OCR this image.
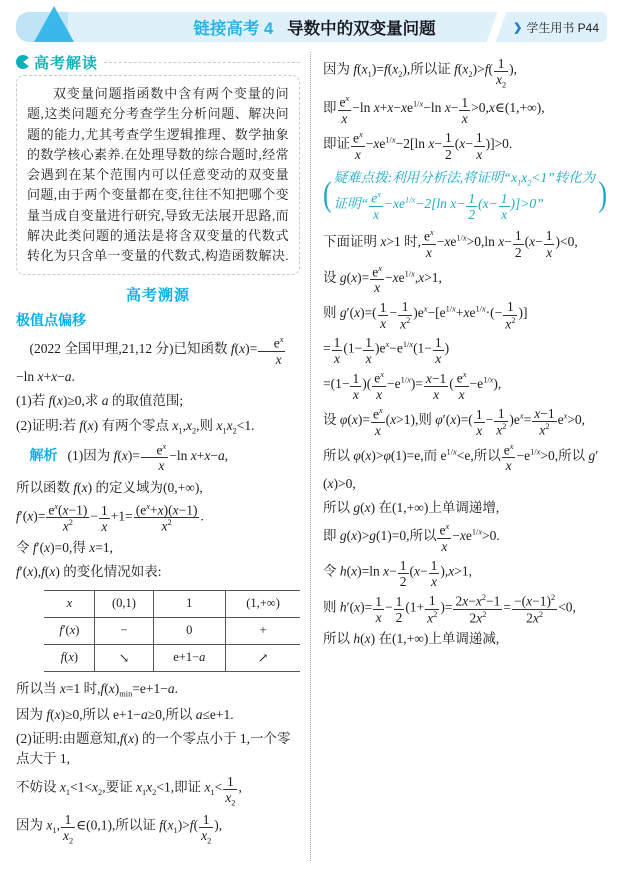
链接高考 4 导数中的双变量问题	❯ 学生用书 P44
高考解读

双变量问题指函数中含有两个变量的问题,这类问题充分考查学生分析问题、解决问题的能力,尤其考查学生逻辑推理、数学抽象的数学核心素养.在处理导数的综合题时,经常会遇到在某个范围内可以任意变动的双变量问题,由于两个变量都在变,往往不知把哪个变量当成自变量进行研究,导致无法展开思路,而解决此类问题的通法是将含双变量的代数式转化为只含单一变量的代数式,构造函数解决.

高考溯源
极值点偏移

(2022 全国甲理,21,12 分)已知函数 $f(x)= \frac{e^x}{x}$
−ln x+x−a.

(1)若 f(x)≥0,求 a 的取值范围;

(2)证明:若 f(x) 有两个零点 $x_1,x_2$,则 $x_1x_2<1$.

解析 (1)因为 $f(x)= \frac{e^x}{x} -\ln$ x+x−a,

所以函数 f(x) 的定义域为(0,+∞),

$f'(x)= \frac{e^x(x-1)}{x^2} - \frac{1}{x} +1= \frac{(e^x+x)(x-1)}{x^2}$ .

令 f′(x)=0,得 x=1,

f′(x),f(x) 的变化情况如表:

x	(0,1)	1	(1,+∞)
f′(x)	−	0	+
f(x)	↘	e+1−a	↗

所以当 x=1 时$,f(x)_{min}=e+1-a$.

因为 f(x)≥0,所以 e+1−a≥0,所以 a≤e+1.

(2)证明:由题意知,f(x) 的一个零点小于 1,一个零点大于 1,

不妨设 $x_1<1<x_2$,要证 $x_1x_2<1$,即证 $x_1< \frac{1}{x_2}$ ,

因为 $x_1$, $\frac{1}{x_2}$ ∈(0,1),所以证 $f(x_1)>f( \frac{1}{x_2}$ ),

因为 $f(x_1)=f(x_2)$,所以证 $f(x_2)>f( \frac{1}{x_2}$ ),

即 $\frac{e^x}{x} -\ln$ $x+x-xe^{1/x}-\ln$ $x- \frac{1}{x}$ >0,x∈(1,+∞),

即证 $\frac{e^x}{x} -xe^{1/x}-2[\ln$ $x- \frac{1}{2} (x- \frac{1}{x} )]>0$.

( 疑难点拨:利用分析法,将证明“$x_1x_2<1$”转化为证明“ $\frac{e^x}{x} -xe^{1/x}-2[\ln$ $x- \frac{1}{2} (x- \frac{1}{x} )]>0$”	)

下面证明 x>1 时, $\frac{e^x}{x} -xe^{1/x}>0,\ln$ $x- \frac{1}{2} (x- \frac{1}{x} )<0$,

设 $g(x)= \frac{e^x}{x} -xe^{1/x},x>1$,

则 $g'(x)=( \frac{1}{x} - \frac{1}{x^2} )e^x-[e^{1/x}+xe^{1/x}\cdot(- \frac{1}{x^2}$ )]

= $\frac{1}{x} (1- \frac{1}{x} )e^x-e^{1/x}(1- \frac{1}{x}$ )

$=(1- \frac{1}{x}$ )( $\frac{e^x}{x} -e^{1/x})= \frac{x-1}{x}$ ( $\frac{e^x}{x} -e^{1/x}$),

设 $\varphi(x)= \frac{e^x}{x} (x>1)$,则 $\varphi'(x)=( \frac{1}{x} - \frac{1}{x^2} )e^x= \frac{x-1}{x^2} e^x>0$,

所以 φ(x)>φ(1)=e,而 $e^{1/x}<e$,所以 $\frac{e^x}{x} -e^{1/x}>0$,所以 g′(x)>0,

所以 g(x) 在(1,+∞)上单调递增,

即 g(x)>g(1)=0,所以 $\frac{e^x}{x} -xe^{1/x}>0$.

令 h(x)=ln $x- \frac{1}{2} (x- \frac{1}{x} ),x>1$,

则 $h'(x)= \frac{1}{x} - \frac{1}{2} (1+ \frac{1}{x^2}$ )= $\frac{2x-x^2-1}{2x^2} = \frac{-(x-1)^2}{2x^2} <0$,

所以 h(x) 在(1,+∞)上单调递减,
